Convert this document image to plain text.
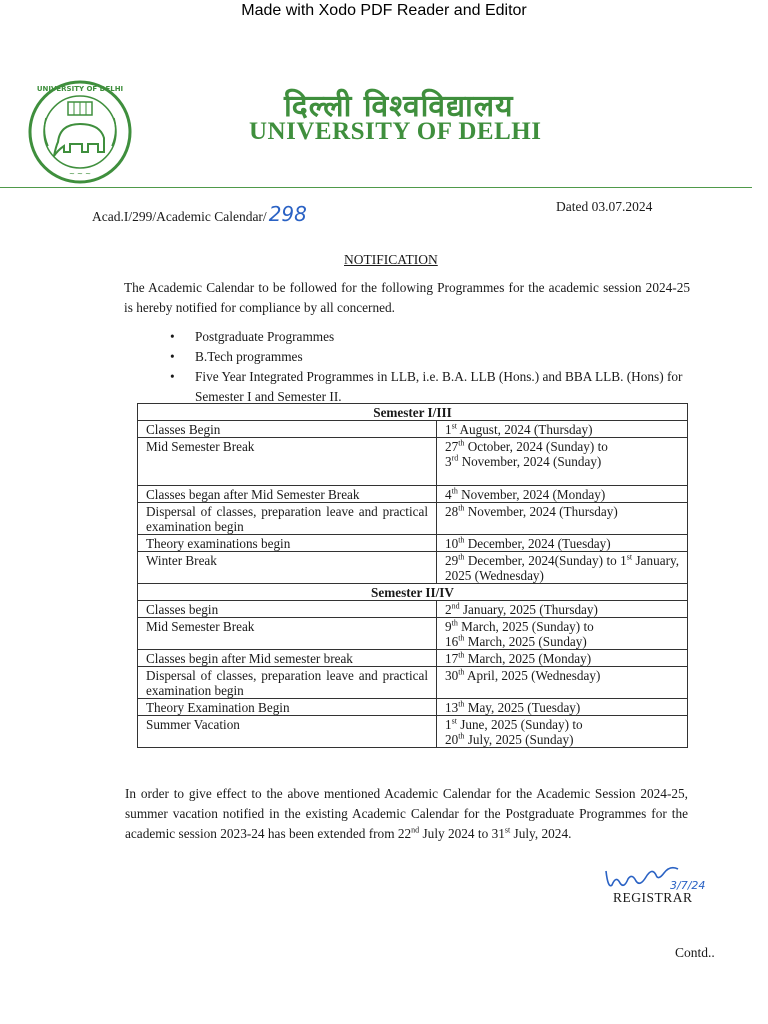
Made with Xodo PDF Reader and Editor
UNIVERSITY OF DELHI
~ ~ ~
दिल्ली विश्वविद्यालय
UNIVERSITY OF DELHI
Acad.I/299/Academic Calendar/ 298	Dated 03.07.2024
NOTIFICATION
The Academic Calendar to be followed for the following Programmes for the academic session 2024-25 is hereby notified for compliance by all concerned.
• Postgraduate Programmes
• B.Tech programmes
• Five Year Integrated Programmes in LLB, i.e. B.A. LLB (Hons.) and BBA LLB. (Hons) for Semester I and Semester II.
Semester I/III	
Classes Begin	1st August, 2024 (Thursday)
Mid Semester Break	27th October, 2024 (Sunday) to
3rd November, 2024 (Sunday)
Classes began after Mid Semester Break	4th November, 2024 (Monday)
Dispersal of classes, preparation leave and practical examination begin	28th November, 2024 (Thursday)
Theory examinations begin	10th December, 2024 (Tuesday)
Winter Break	29th December, 2024(Sunday) to 1st January, 2025 (Wednesday)
Semester II/IV	
Classes begin	2nd January, 2025 (Thursday)
Mid Semester Break	9th March, 2025 (Sunday) to
16th March, 2025 (Sunday)
Classes begin after Mid semester break	17th March, 2025 (Monday)
Dispersal of classes, preparation leave and practical examination begin	30th April, 2025 (Wednesday)
Theory Examination Begin	13th May, 2025 (Tuesday)
Summer Vacation	1st June, 2025 (Sunday) to
20th July, 2025 (Sunday)
In order to give effect to the above mentioned Academic Calendar for the Academic Session 2024-25, summer vacation notified in the existing Academic Calendar for the Postgraduate Programmes for the academic session 2023-24 has been extended from 22nd July 2024 to 31st July, 2024.
3/7/24
REGISTRAR
Contd..
